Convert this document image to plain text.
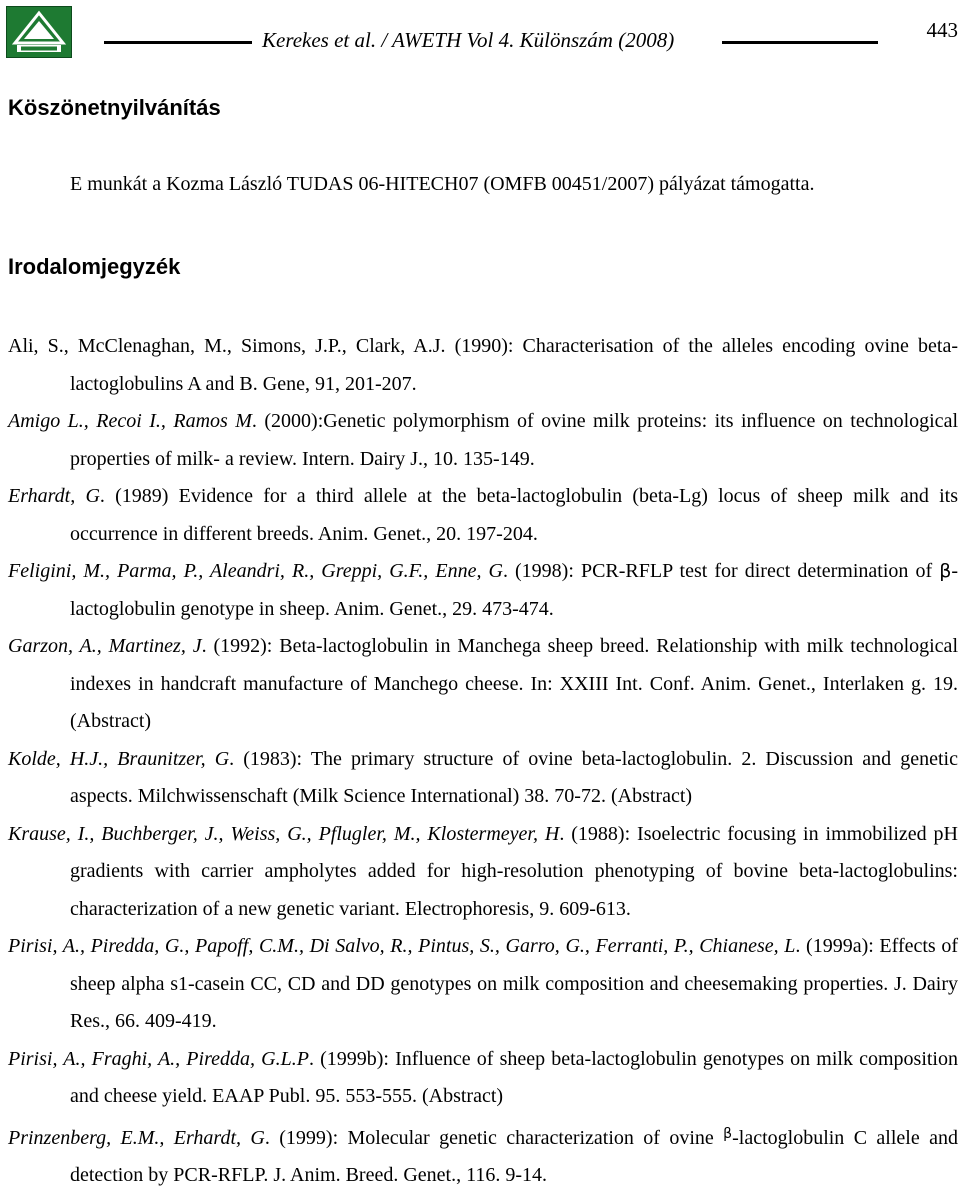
Kerekes et al. / AWETH Vol 4. Különszám (2008)	443
Köszönetnyilvánítás
E munkát a Kozma László TUDAS 06-HITECH07 (OMFB 00451/2007) pályázat támogatta.
Irodalomjegyzék

Ali, S., McClenaghan, M., Simons, J.P., Clark, A.J. (1990): Characterisation of the alleles encoding ovine beta-lactoglobulins A and B. Gene, 91, 201-207.

Amigo L., Recoi I., Ramos M. (2000):Genetic polymorphism of ovine milk proteins: its influence on technological properties of milk- a review. Intern. Dairy J., 10. 135-149.

Erhardt, G. (1989) Evidence for a third allele at the beta-lactoglobulin (beta-Lg) locus of sheep milk and its occurrence in different breeds. Anim. Genet., 20. 197-204.

Feligini, M., Parma, P., Aleandri, R., Greppi, G.F., Enne, G. (1998): PCR-RFLP test for direct determination of β-lactoglobulin genotype in sheep. Anim. Genet., 29. 473-474.

Garzon, A., Martinez, J. (1992): Beta-lactoglobulin in Manchega sheep breed. Relationship with milk technological indexes in handcraft manufacture of Manchego cheese. In: XXIII Int. Conf. Anim. Genet., Interlaken g. 19. (Abstract)

Kolde, H.J., Braunitzer, G. (1983): The primary structure of ovine beta-lactoglobulin. 2. Discussion and genetic aspects. Milchwissenschaft (Milk Science International) 38. 70-72. (Abstract)

Krause, I., Buchberger, J., Weiss, G., Pflugler, M., Klostermeyer, H. (1988): Isoelectric focusing in immobilized pH gradients with carrier ampholytes added for high-resolution phenotyping of bovine beta-lactoglobulins: characterization of a new genetic variant. Electrophoresis, 9. 609-613.

Pirisi, A., Piredda, G., Papoff, C.M., Di Salvo, R., Pintus, S., Garro, G., Ferranti, P., Chianese, L. (1999a): Effects of sheep alpha s1-casein CC, CD and DD genotypes on milk composition and cheesemaking properties. J. Dairy Res., 66. 409-419.

Pirisi, A., Fraghi, A., Piredda, G.L.P. (1999b): Influence of sheep beta-lactoglobulin genotypes on milk composition and cheese yield. EAAP Publ. 95. 553-555. (Abstract)

Prinzenberg, E.M., Erhardt, G. (1999): Molecular genetic characterization of ovine $^\beta$-lactoglobulin C allele and detection by PCR-RFLP. J. Anim. Breed. Genet., 116. 9-14.
